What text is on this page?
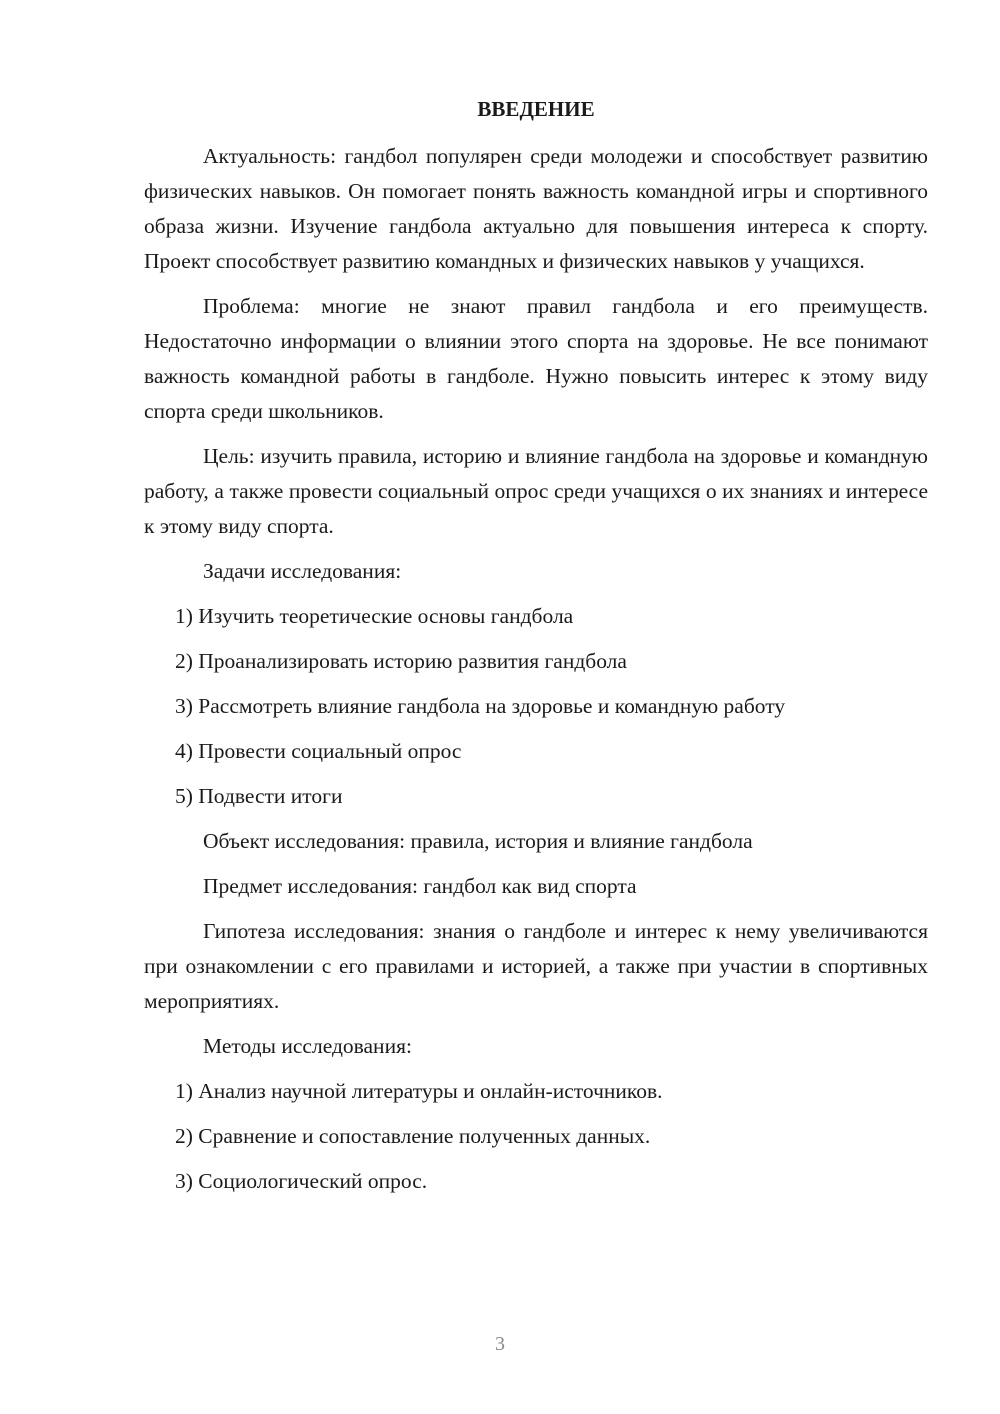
ВВЕДЕНИЕ

Актуальность: гандбол популярен среди молодежи и способствует развитию физических навыков. Он помогает понять важность командной игры и спортивного образа жизни. Изучение гандбола актуально для повышения интереса к спорту. Проект способствует развитию командных и физических навыков у учащихся.

Проблема: многие не знают правил гандбола и его преимуществ. Недостаточно информации о влиянии этого спорта на здоровье. Не все понимают важность командной работы в гандболе. Нужно повысить интерес к этому виду спорта среди школьников.

Цель: изучить правила, историю и влияние гандбола на здоровье и командную работу, а также провести социальный опрос среди учащихся о их знаниях и интересе к этому виду спорта.

Задачи исследования:

1) Изучить теоретические основы гандбола
2) Проанализировать историю развития гандбола
3) Рассмотреть влияние гандбола на здоровье и командную работу
4) Провести социальный опрос
5) Подвести итоги

Объект исследования: правила, история и влияние гандбола

Предмет исследования: гандбол как вид спорта

Гипотеза исследования: знания о гандболе и интерес к нему увеличиваются при ознакомлении с его правилами и историей, а также при участии в спортивных мероприятиях.

Методы исследования:

1) Анализ научной литературы и онлайн-источников.
2) Сравнение и сопоставление полученных данных.
3) Социологический опрос.
3
